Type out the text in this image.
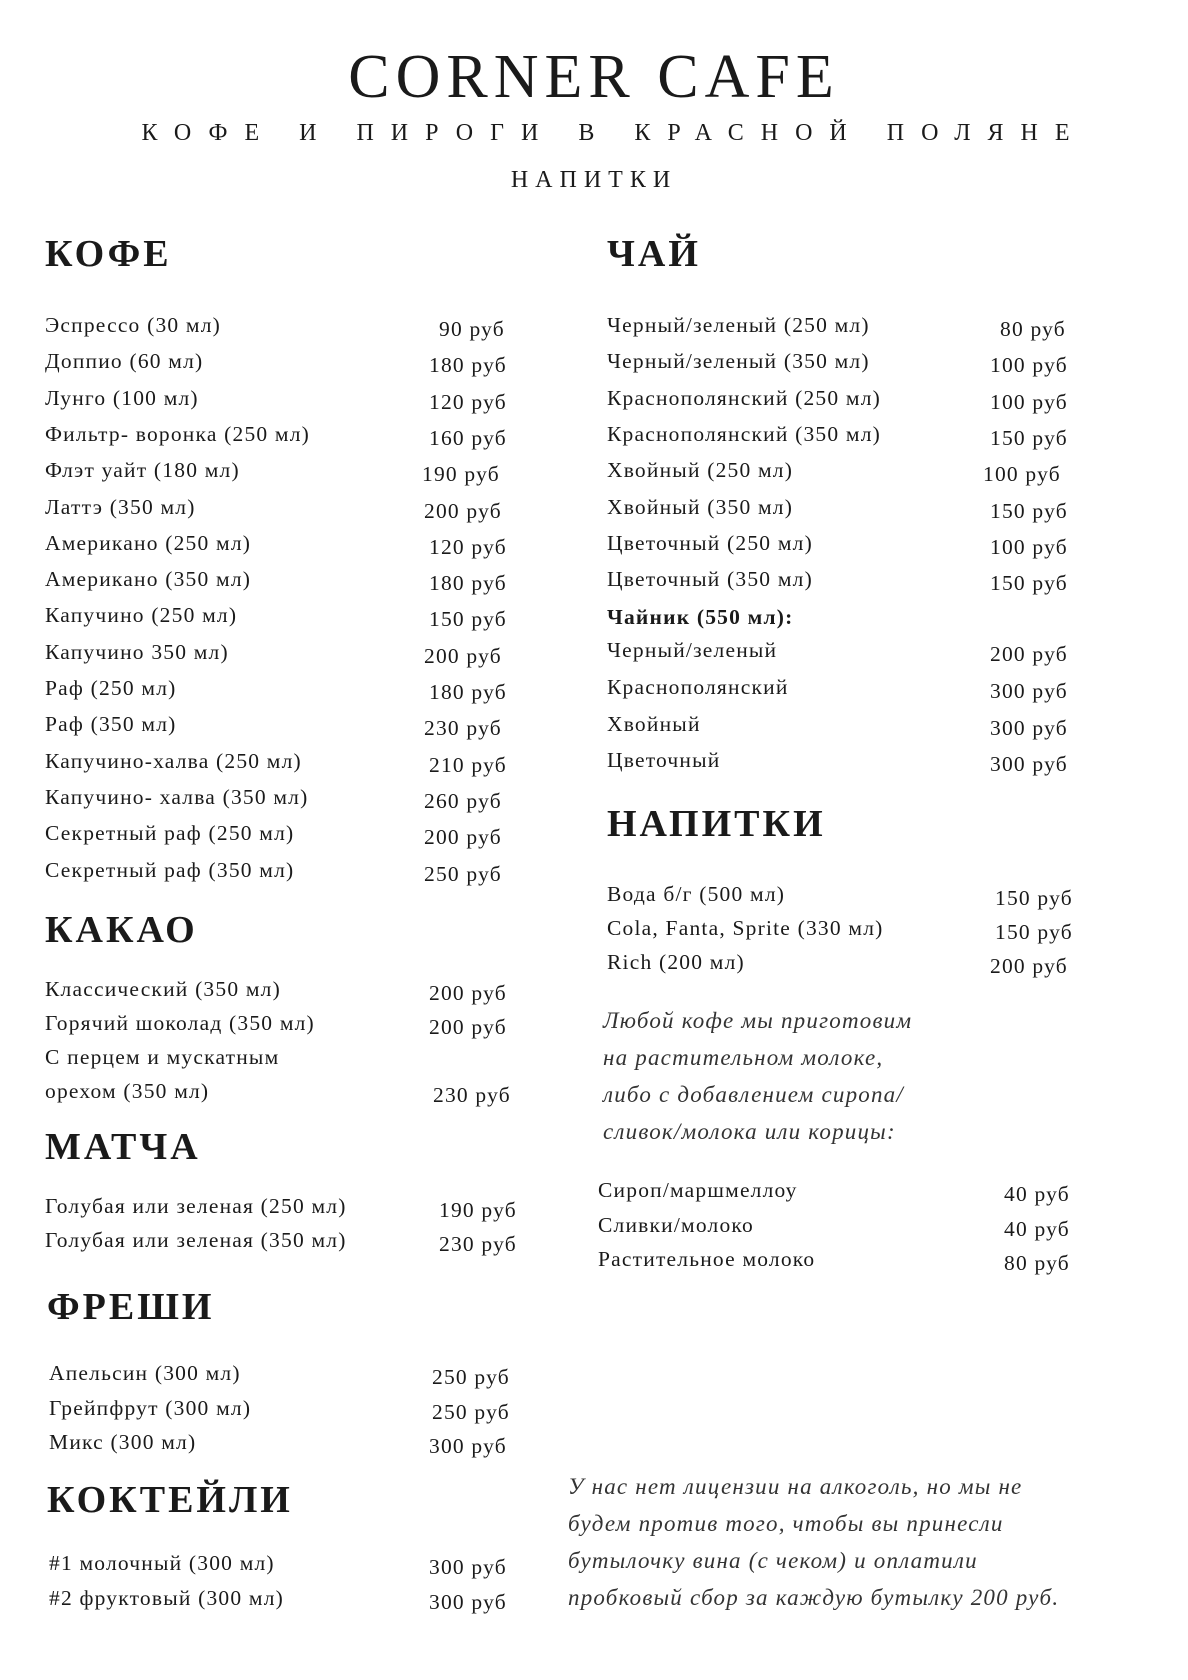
CORNER CAFE
КОФЕ И ПИРОГИ В КРАСНОЙ ПОЛЯНЕ
НАПИТКИ
КОФЕ
Эспрессо (30 мл)	90 руб
Доппио (60 мл)	180 руб
Лунго (100 мл)	120 руб
Фильтр- воронка (250 мл)	160 руб
Флэт уайт (180 мл)	190 руб
Латтэ (350 мл)	200 руб
Американо (250 мл)	120 руб
Американо (350 мл)	180 руб
Капучино (250 мл)	150 руб
Капучино 350 мл)	200 руб
Раф (250 мл)	180 руб
Раф (350 мл)	230 руб
Капучино-халва (250 мл)	210 руб
Капучино- халва (350 мл)	260 руб
Секретный раф (250 мл)	200 руб
Секретный раф (350 мл)	250 руб
КАКАО
Классический (350 мл)	200 руб
Горячий шоколад (350 мл)	200 руб
С перцем и мускатным
орехом (350 мл)	230 руб
МАТЧА
Голубая или зеленая (250 мл)	190 руб
Голубая или зеленая (350 мл)	230 руб
ФРЕШИ
Апельсин (300 мл)	250 руб
Грейпфрут (300 мл)	250 руб
Микс (300 мл)	300 руб
КОКТЕЙЛИ
#1 молочный (300 мл)	300 руб
#2 фруктовый (300 мл)	300 руб
ЧАЙ
Черный/зеленый (250 мл)	80 руб
Черный/зеленый (350 мл)	100 руб
Краснополянский (250 мл)	100 руб
Краснополянский (350 мл)	150 руб
Хвойный (250 мл)	100 руб
Хвойный (350 мл)	150 руб
Цветочный (250 мл)	100 руб
Цветочный (350 мл)	150 руб
Чайник (550 мл):
Черный/зеленый	200 руб
Краснополянский	300 руб
Хвойный	300 руб
Цветочный	300 руб
НАПИТКИ
Вода б/г (500 мл)	150 руб
Cola, Fanta, Sprite (330 мл)	150 руб
Rich (200 мл)	200 руб
Любой кофе мы приготовим
на растительном молоке,
либо с добавлением сиропа/
сливок/молока или корицы:
Сироп/маршмеллоу	40 руб
Сливки/молоко	40 руб
Растительное молоко	80 руб
У нас нет лицензии на алкоголь, но мы не
будем против того, чтобы вы принесли
бутылочку вина (с чеком) и оплатили
пробковый сбор за каждую бутылку 200 руб.
